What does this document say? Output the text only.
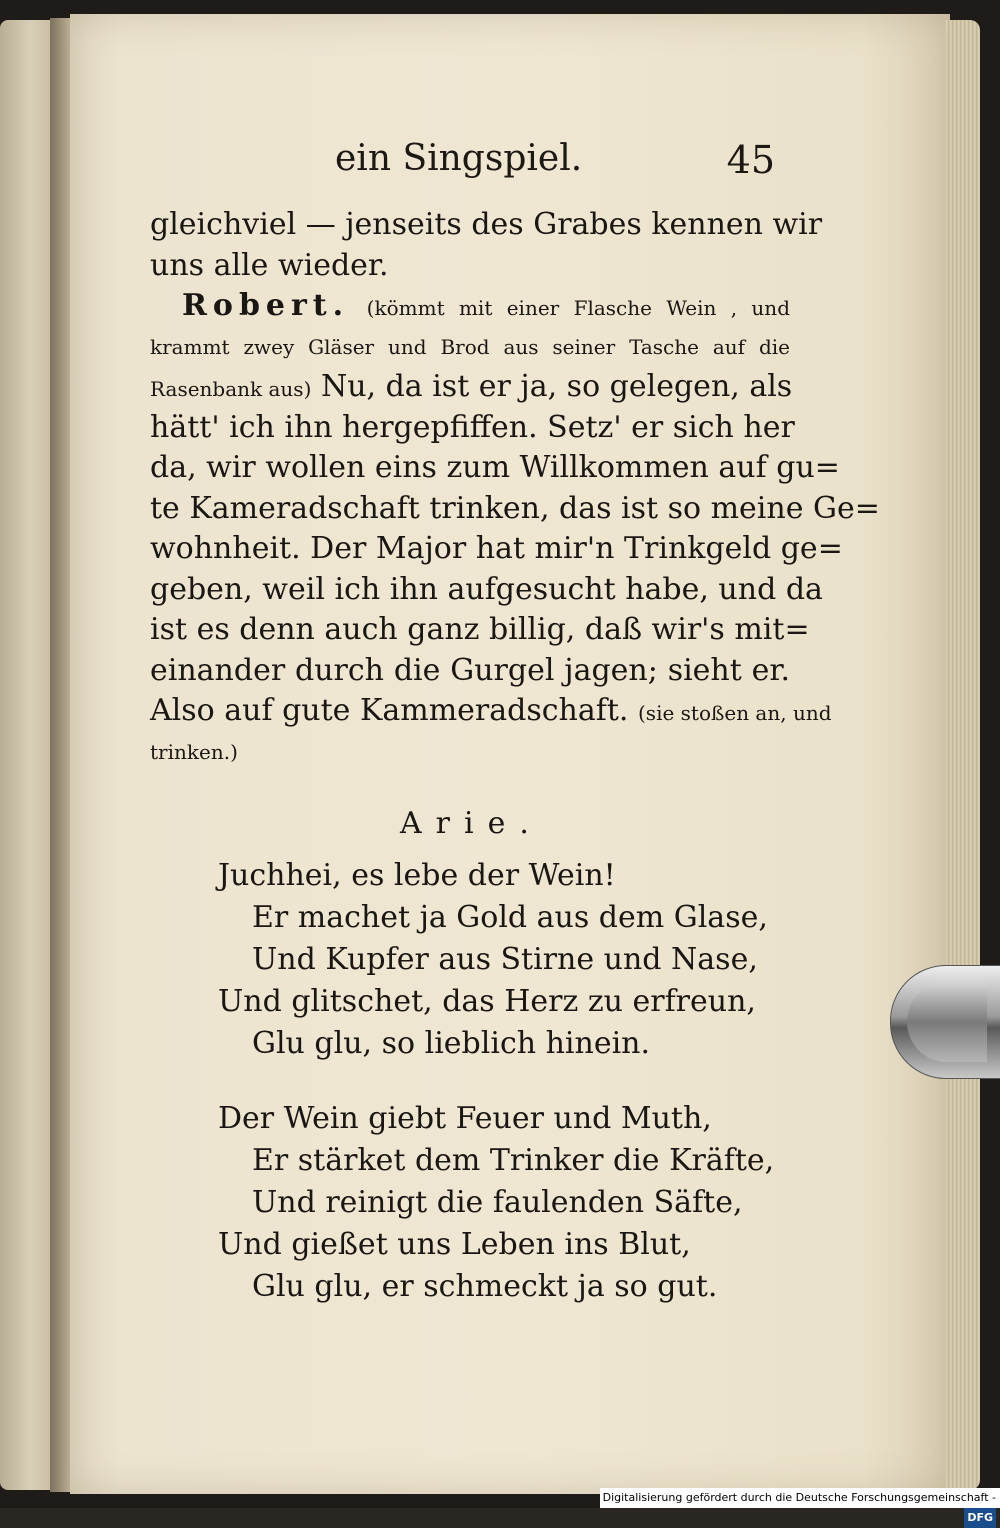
ein Singspiel.	45
gleichviel — jenseits des Grabes kennen wir
uns alle wieder.
Robert. (kömmt mit einer Flasche Wein , und
krammt zwey Gläser und Brod aus seiner Tasche auf die
Rasenbank aus) Nu, da ist er ja, so gelegen, als
hätt' ich ihn hergepfiffen. Setz' er sich her
da, wir wollen eins zum Willkommen auf gu=
te Kameradschaft trinken, das ist so meine Ge=
wohnheit. Der Major hat mir'n Trinkgeld ge=
geben, weil ich ihn aufgesucht habe, und da
ist es denn auch ganz billig, daß wir's mit=
einander durch die Gurgel jagen; sieht er.
Also auf gute Kammeradschaft. (sie stoßen an, und
trinken.)
Arie.
Juchhei, es lebe der Wein!
Er machet ja Gold aus dem Glase,
Und Kupfer aus Stirne und Nase,
Und glitschet, das Herz zu erfreun,
Glu glu, so lieblich hinein.
Der Wein giebt Feuer und Muth,
Er stärket dem Trinker die Kräfte,
Und reinigt die faulenden Säfte,
Und gießet uns Leben ins Blut,
Glu glu, er schmeckt ja so gut.
Digitalisierung gefördert durch die Deutsche Forschungsgemeinschaft -DFG
